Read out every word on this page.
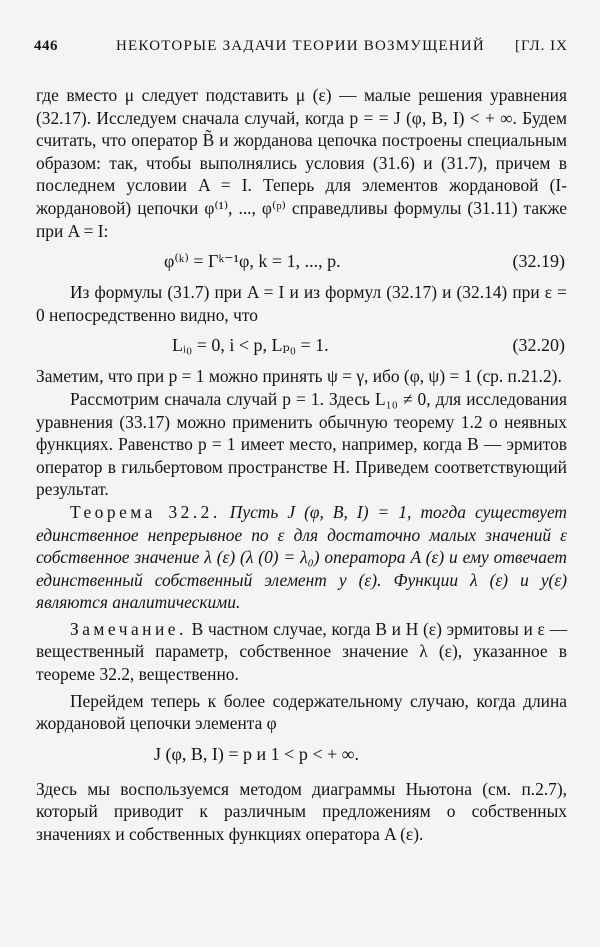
446	НЕКОТОРЫЕ ЗАДАЧИ ТЕОРИИ ВОЗМУЩЕНИЙ [ГЛ. IX

где вместо μ следует подставить μ (ε) — малые решения уравнения (32.17). Исследуем сначала случай, когда p = = J (φ, B, I) < + ∞. Будем считать, что оператор B̃ и жорданова цепочка построены специальным образом: так, чтобы выполнялись условия (31.6) и (31.7), причем в последнем условии A = I. Теперь для элементов жордановой (I-жордановой) цепочки φ⁽¹⁾, ..., φ⁽ᵖ⁾ справедливы формулы (31.11) также при A = I:

φ⁽ᵏ⁾ = Γᵏ⁻¹φ, k = 1, ..., p.	(32.19)

Из формулы (31.7) при A = I и из формул (32.17) и (32.14) при ε = 0 непосредственно видно, что

Lᵢ₀ = 0, i < p, Lₚ₀ = 1.	(32.20)

Заметим, что при p = 1 можно принять ψ = γ, ибо (φ, ψ) = 1 (ср. п.21.2).

Рассмотрим сначала случай p = 1. Здесь L₁₀ ≠ 0, для исследования уравнения (33.17) можно применить обычную теорему 1.2 о неявных функциях. Равенство p = 1 имеет место, например, когда B — эрмитов оператор в гильбертовом пространстве H. Приведем соответствующий результат.

Теорема 32.2. Пусть J (φ, B, I) = 1, тогда существует единственное непрерывное по ε для достаточно малых значений ε собственное значение λ (ε) (λ (0) = λ₀) оператора A (ε) и ему отвечает единственный собственный элемент y (ε). Функции λ (ε) и y(ε) являются аналитическими.

Замечание. В частном случае, когда B и H (ε) эрмитовы и ε — вещественный параметр, собственное значение λ (ε), указанное в теореме 32.2, вещественно.

Перейдем теперь к более содержательному случаю, когда длина жордановой цепочки элемента φ

J (φ, B, I) = p и 1 < p < + ∞.

Здесь мы воспользуемся методом диаграммы Ньютона (см. п.2.7), который приводит к различным предложениям о собственных значениях и собственных функциях оператора A (ε).
